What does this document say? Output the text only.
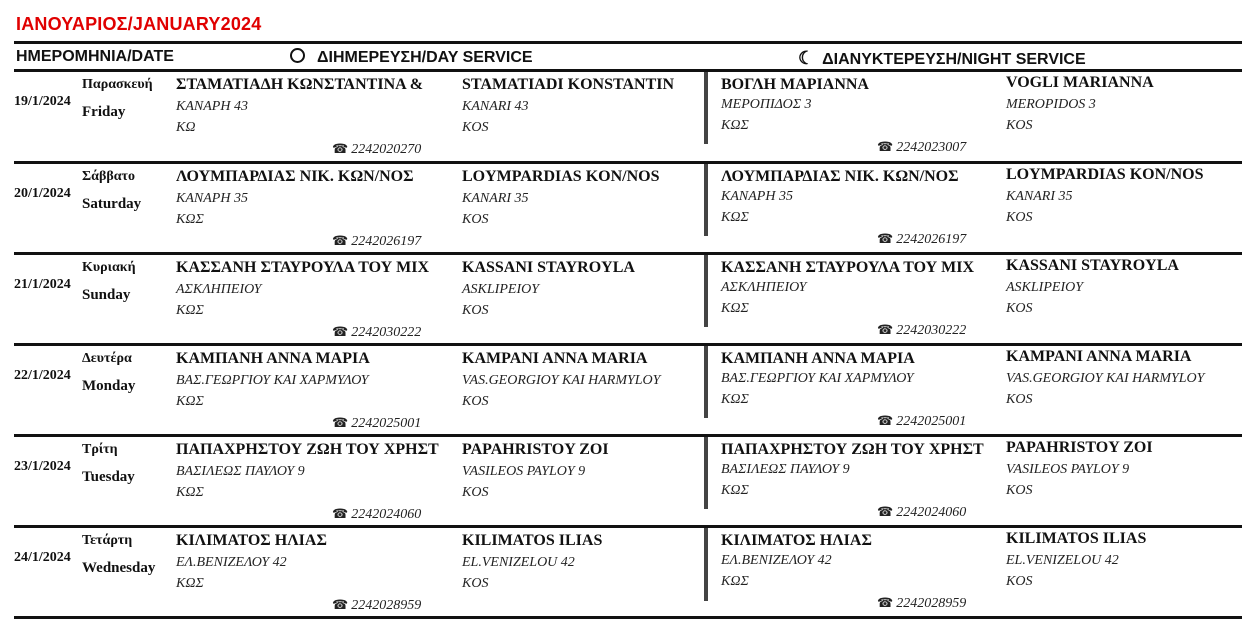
ΙΑΝΟΥΑΡΙΟΣ/JANUARY2024
ΗΜΕΡΟΜΗΝΙΑ/DATE	ΔΙΗΜΕΡΕΥΣΗ/DAY SERVICE	☾ ΔΙΑΝΥΚΤΕΡΕΥΣΗ/NIGHT SERVICE
19/1/2024
Παρασκευή
Friday
ΣΤΑΜΑΤΙΑΔΗ ΚΩΝΣΤΑΝΤΙΝΑ &
ΚΑΝΑΡΗ 43
ΚΩ
STAMATIADI KONSTANTIN
KANARI 43
KOS
☎ 2242020270
ΒΟΓΛΗ ΜΑΡΙΑΝΝΑ
ΜΕΡΟΠΙΔΟΣ 3
ΚΩΣ
VOGLI MARIANNA
MEROPIDOS 3
KOS
☎ 2242023007
20/1/2024
Σάββατο
Saturday
ΛΟΥΜΠΑΡΔΙΑΣ ΝΙΚ. ΚΩΝ/ΝΟΣ
ΚΑΝΑΡΗ 35
ΚΩΣ
LOYMPARDIAS KON/NOS
KANARI 35
KOS
☎ 2242026197
ΛΟΥΜΠΑΡΔΙΑΣ ΝΙΚ. ΚΩΝ/ΝΟΣ
ΚΑΝΑΡΗ 35
ΚΩΣ
LOYMPARDIAS KON/NOS
KANARI 35
KOS
☎ 2242026197
21/1/2024
Κυριακή
Sunday
ΚΑΣΣΑΝΗ ΣΤΑΥΡΟΥΛΑ ΤΟΥ ΜΙΧ
ΑΣΚΛΗΠΕΙΟΥ
ΚΩΣ
KASSANI STAYROYLA
ASKLIPEIOY
KOS
☎ 2242030222
ΚΑΣΣΑΝΗ ΣΤΑΥΡΟΥΛΑ ΤΟΥ ΜΙΧ
ΑΣΚΛΗΠΕΙΟΥ
ΚΩΣ
KASSANI STAYROYLA
ASKLIPEIOY
KOS
☎ 2242030222
22/1/2024
Δευτέρα
Monday
ΚΑΜΠΑΝΗ ΑΝΝΑ ΜΑΡΙΑ
ΒΑΣ.ΓΕΩΡΓΙΟΥ ΚΑΙ ΧΑΡΜΥΛΟΥ
ΚΩΣ
KAMPANI ANNA MARIA
VAS.GEORGIOY KAI HARMYLOY
KOS
☎ 2242025001
ΚΑΜΠΑΝΗ ΑΝΝΑ ΜΑΡΙΑ
ΒΑΣ.ΓΕΩΡΓΙΟΥ ΚΑΙ ΧΑΡΜΥΛΟΥ
ΚΩΣ
KAMPANI ANNA MARIA
VAS.GEORGIOY KAI HARMYLOY
KOS
☎ 2242025001
23/1/2024
Τρίτη
Tuesday
ΠΑΠΑΧΡΗΣΤΟΥ ΖΩΗ ΤΟΥ ΧΡΗΣΤ
ΒΑΣΙΛΕΩΣ ΠΑΥΛΟΥ 9
ΚΩΣ
PAPAHRISTOY ZOI
VASILEOS PAYLOY 9
KOS
☎ 2242024060
ΠΑΠΑΧΡΗΣΤΟΥ ΖΩΗ ΤΟΥ ΧΡΗΣΤ
ΒΑΣΙΛΕΩΣ ΠΑΥΛΟΥ 9
ΚΩΣ
PAPAHRISTOY ZOI
VASILEOS PAYLOY 9
KOS
☎ 2242024060
24/1/2024
Τετάρτη
Wednesday
ΚΙΛΙΜΑΤΟΣ ΗΛΙΑΣ
ΕΛ.ΒΕΝΙΖΕΛΟΥ 42
ΚΩΣ
KILIMATOS ILIAS
EL.VENIZELOU 42
KOS
☎ 2242028959
ΚΙΛΙΜΑΤΟΣ ΗΛΙΑΣ
ΕΛ.ΒΕΝΙΖΕΛΟΥ 42
ΚΩΣ
KILIMATOS ILIAS
EL.VENIZELOU 42
KOS
☎ 2242028959
